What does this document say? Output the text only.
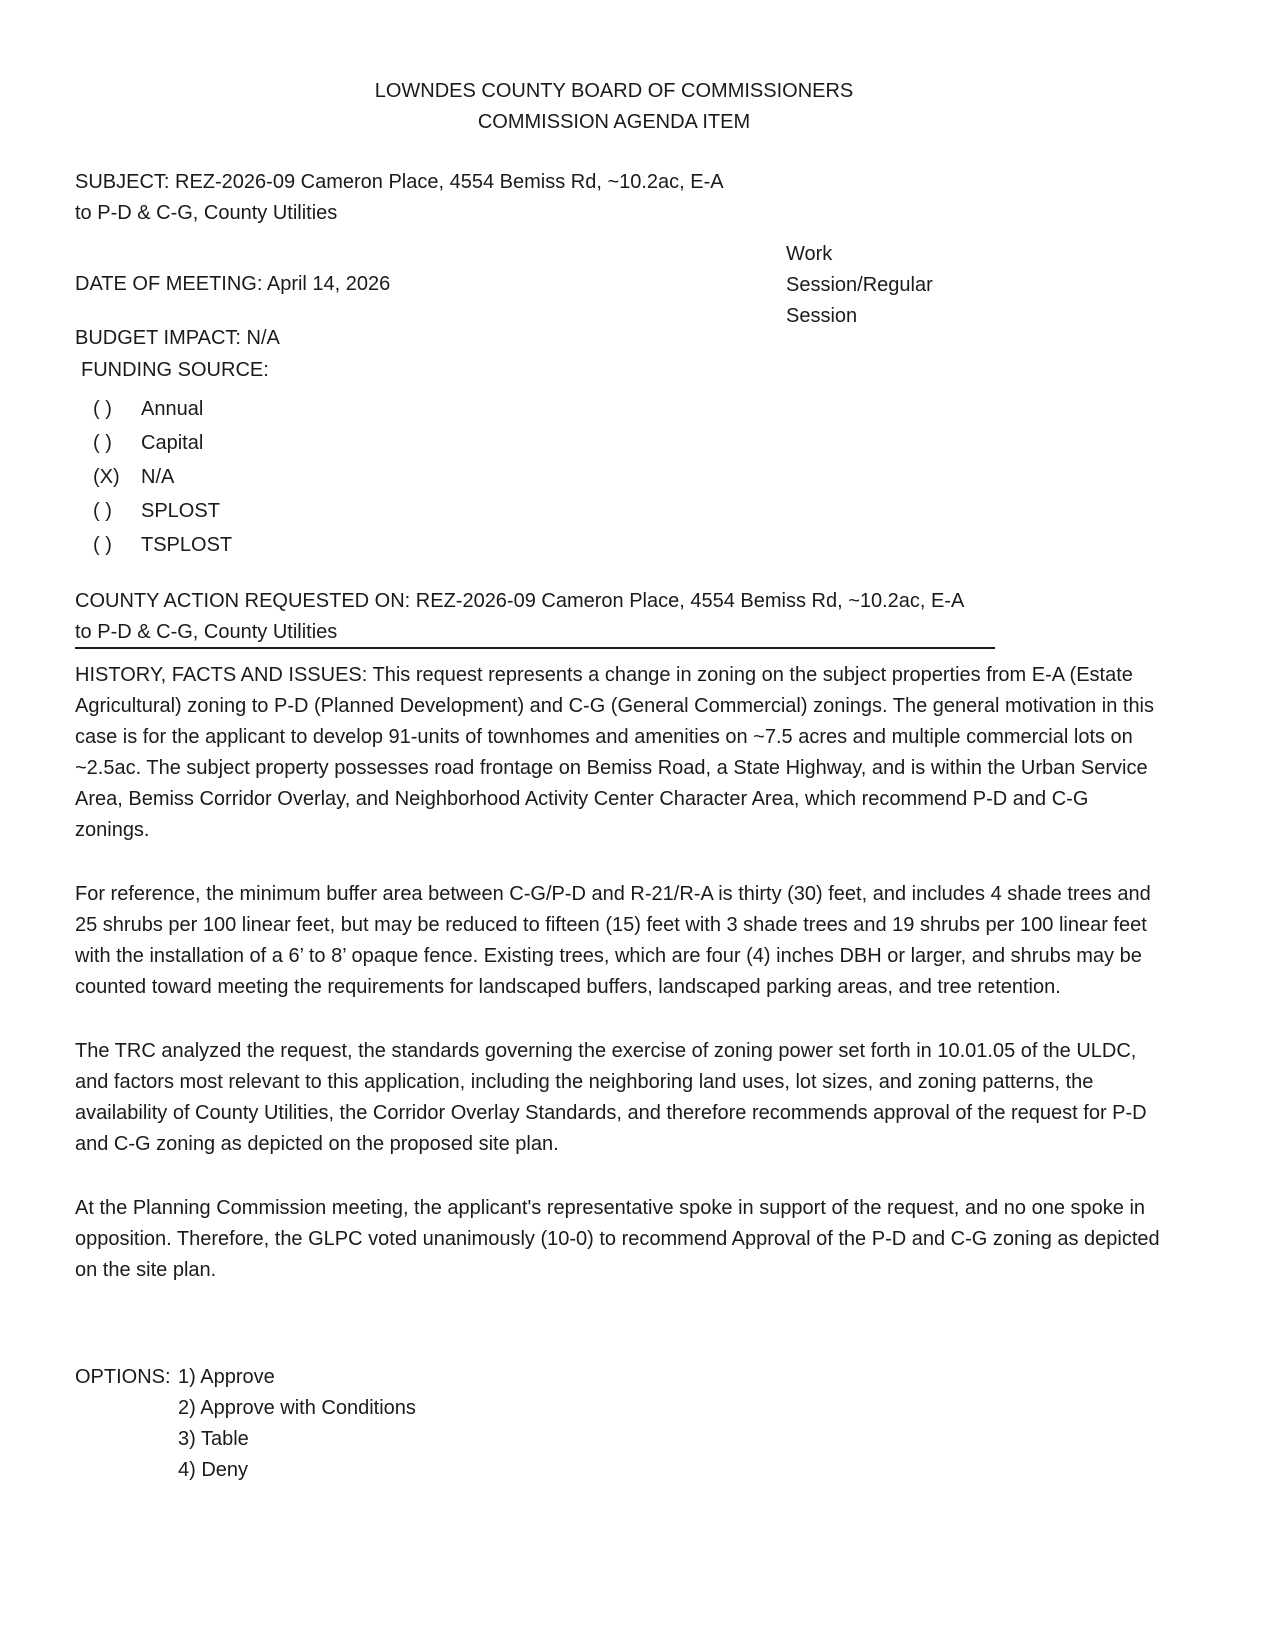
LOWNDES COUNTY BOARD OF COMMISSIONERS
COMMISSION AGENDA ITEM
SUBJECT: REZ-2026-09 Cameron Place, 4554 Bemiss Rd, ~10.2ac, E-A to P-D & C-G, County Utilities
Work
Session/Regular
Session
DATE OF MEETING: April 14, 2026
BUDGET IMPACT: N/A
FUNDING SOURCE:
( )	Annual
( )	Capital
(X)	N/A
( )	SPLOST
( )	TSPLOST
COUNTY ACTION REQUESTED ON: REZ-2026-09 Cameron Place, 4554 Bemiss Rd, ~10.2ac, E-A to P-D & C-G, County Utilities

HISTORY, FACTS AND ISSUES: This request represents a change in zoning on the subject properties from E-A (Estate Agricultural) zoning to P-D (Planned Development) and C-G (General Commercial) zonings. The general motivation in this case is for the applicant to develop 91-units of townhomes and amenities on ~7.5 acres and multiple commercial lots on ~2.5ac. The subject property possesses road frontage on Bemiss Road, a State Highway, and is within the Urban Service Area, Bemiss Corridor Overlay, and Neighborhood Activity Center Character Area, which recommend P-D and C-G zonings.

For reference, the minimum buffer area between C-G/P-D and R-21/R-A is thirty (30) feet, and includes 4 shade trees and 25 shrubs per 100 linear feet, but may be reduced to fifteen (15) feet with 3 shade trees and 19 shrubs per 100 linear feet with the installation of a 6’ to 8’ opaque fence. Existing trees, which are four (4) inches DBH or larger, and shrubs may be counted toward meeting the requirements for landscaped buffers, landscaped parking areas, and tree retention.

The TRC analyzed the request, the standards governing the exercise of zoning power set forth in 10.01.05 of the ULDC, and factors most relevant to this application, including the neighboring land uses, lot sizes, and zoning patterns, the availability of County Utilities, the Corridor Overlay Standards, and therefore recommends approval of the request for P-D and C-G zoning as depicted on the proposed site plan.

At the Planning Commission meeting, the applicant's representative spoke in support of the request, and no one spoke in opposition. Therefore, the GLPC voted unanimously (10-0) to recommend Approval of the P-D and C-G zoning as depicted on the site plan.

OPTIONS: 1) Approve
2) Approve with Conditions
3) Table
4) Deny
